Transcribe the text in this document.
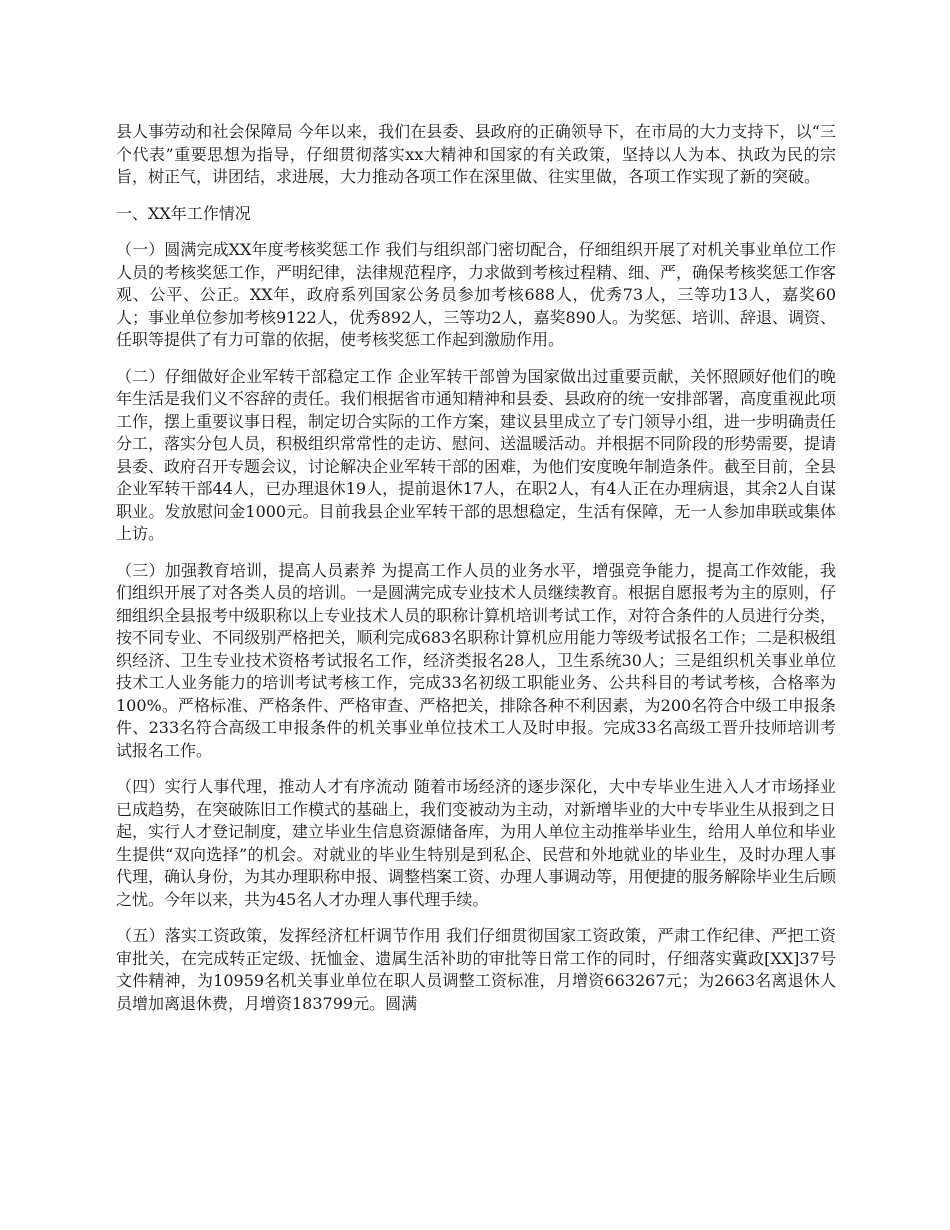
县人事劳动和社会保障局 今年以来，我们在县委、县政府的正确领导下，在市局的大力支持下，以“三个代表”重要思想为指导，仔细贯彻落实xx大精神和国家的有关政策，坚持以人为本、执政为民的宗旨，树正气，讲团结，求进展，大力推动各项工作在深里做、往实里做，各项工作实现了新的突破。

一、XX年工作情况

（一）圆满完成XX年度考核奖惩工作 我们与组织部门密切配合，仔细组织开展了对机关事业单位工作人员的考核奖惩工作，严明纪律，法律规范程序，力求做到考核过程精、细、严，确保考核奖惩工作客观、公平、公正。XX年，政府系列国家公务员参加考核688人，优秀73人，三等功13人，嘉奖60人；事业单位参加考核9122人，优秀892人，三等功2人，嘉奖890人。为奖惩、培训、辞退、调资、任职等提供了有力可靠的依据，使考核奖惩工作起到激励作用。

（二）仔细做好企业军转干部稳定工作 企业军转干部曾为国家做出过重要贡献，关怀照顾好他们的晚年生活是我们义不容辞的责任。我们根据省市通知精神和县委、县政府的统一安排部署，高度重视此项工作，摆上重要议事日程，制定切合实际的工作方案，建议县里成立了专门领导小组，进一步明确责任分工，落实分包人员，积极组织常常性的走访、慰问、送温暖活动。并根据不同阶段的形势需要，提请县委、政府召开专题会议，讨论解决企业军转干部的困难，为他们安度晚年制造条件。截至目前，全县企业军转干部44人，已办理退休19人，提前退休17人，在职2人，有4人正在办理病退，其余2人自谋职业。发放慰问金1000元。目前我县企业军转干部的思想稳定，生活有保障，无一人参加串联或集体上访。

（三）加强教育培训，提高人员素养 为提高工作人员的业务水平，增强竞争能力，提高工作效能，我们组织开展了对各类人员的培训。一是圆满完成专业技术人员继续教育。根据自愿报考为主的原则，仔细组织全县报考中级职称以上专业技术人员的职称计算机培训考试工作，对符合条件的人员进行分类，按不同专业、不同级别严格把关，顺利完成683名职称计算机应用能力等级考试报名工作；二是积极组织经济、卫生专业技术资格考试报名工作，经济类报名28人，卫生系统30人；三是组织机关事业单位技术工人业务能力的培训考试考核工作，完成33名初级工职能业务、公共科目的考试考核，合格率为100%。严格标准、严格条件、严格审查、严格把关，排除各种不利因素，为200名符合中级工申报条件、233名符合高级工申报条件的机关事业单位技术工人及时申报。完成33名高级工晋升技师培训考试报名工作。

（四）实行人事代理，推动人才有序流动 随着市场经济的逐步深化，大中专毕业生进入人才市场择业已成趋势，在突破陈旧工作模式的基础上，我们变被动为主动，对新增毕业的大中专毕业生从报到之日起，实行人才登记制度，建立毕业生信息资源储备库，为用人单位主动推举毕业生，给用人单位和毕业生提供“双向选择”的机会。对就业的毕业生特别是到私企、民营和外地就业的毕业生，及时办理人事代理，确认身份，为其办理职称申报、调整档案工资、办理人事调动等，用便捷的服务解除毕业生后顾之忧。今年以来，共为45名人才办理人事代理手续。

（五）落实工资政策，发挥经济杠杆调节作用 我们仔细贯彻国家工资政策，严肃工作纪律、严把工资审批关，在完成转正定级、抚恤金、遗属生活补助的审批等日常工作的同时，仔细落实冀政[XX]37号文件精神，为10959名机关事业单位在职人员调整工资标准，月增资663267元；为2663名离退休人员增加离退休费，月增资183799元。圆满
